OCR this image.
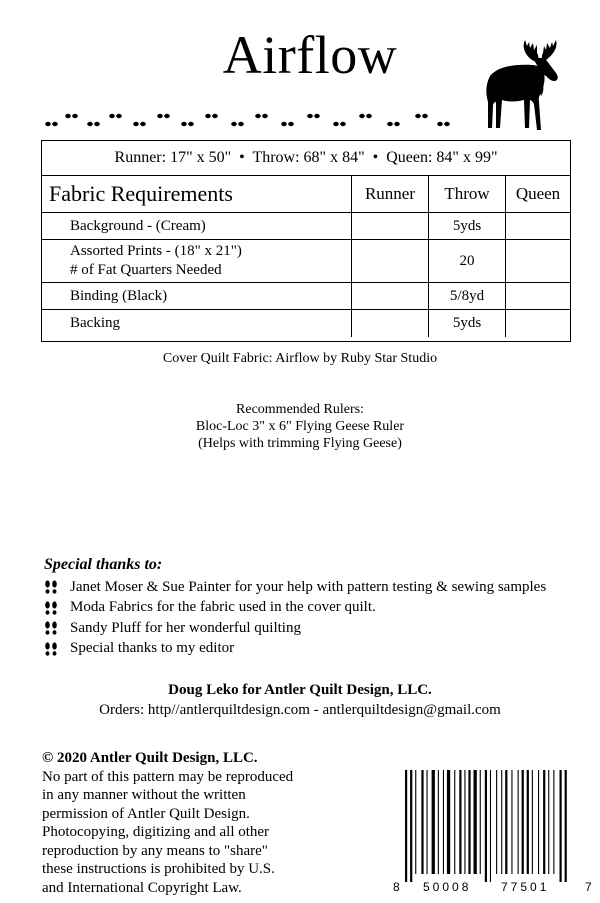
Airflow
Runner: 17" x 50"  •  Throw: 68" x 84"  •  Queen: 84" x 99"
Fabric Requirements	Runner	Throw	Queen
Background - (Cream)		5yds	

Assorted Prints - (18" x 21")
# of Fat Quarters Needed		20	
Binding (Black)		5/8yd	
Backing		5yds	
Cover Quilt Fabric: Airflow by Ruby Star Studio
Recommended Rulers:
Bloc-Loc 3" x 6" Flying Geese Ruler
(Helps with trimming Flying Geese)
Special thanks to:
Janet Moser & Sue Painter for your help with pattern testing & sewing samples
Moda Fabrics for the fabric used in the cover quilt.
Sandy Pluff for her wonderful quilting
Special thanks to my editor
Doug Leko for Antler Quilt Design, LLC.
Orders: http//antlerquiltdesign.com - antlerquiltdesign@gmail.com
© 2020 Antler Quilt Design, LLC.
No part of this pattern may be reproduced
in any manner without the written
permission of Antler Quilt Design.
Photocopying, digitizing and all other
reproduction by any means to "share"
these instructions is prohibited by U.S.
and International Copyright Law.	8 50008 77501	7
